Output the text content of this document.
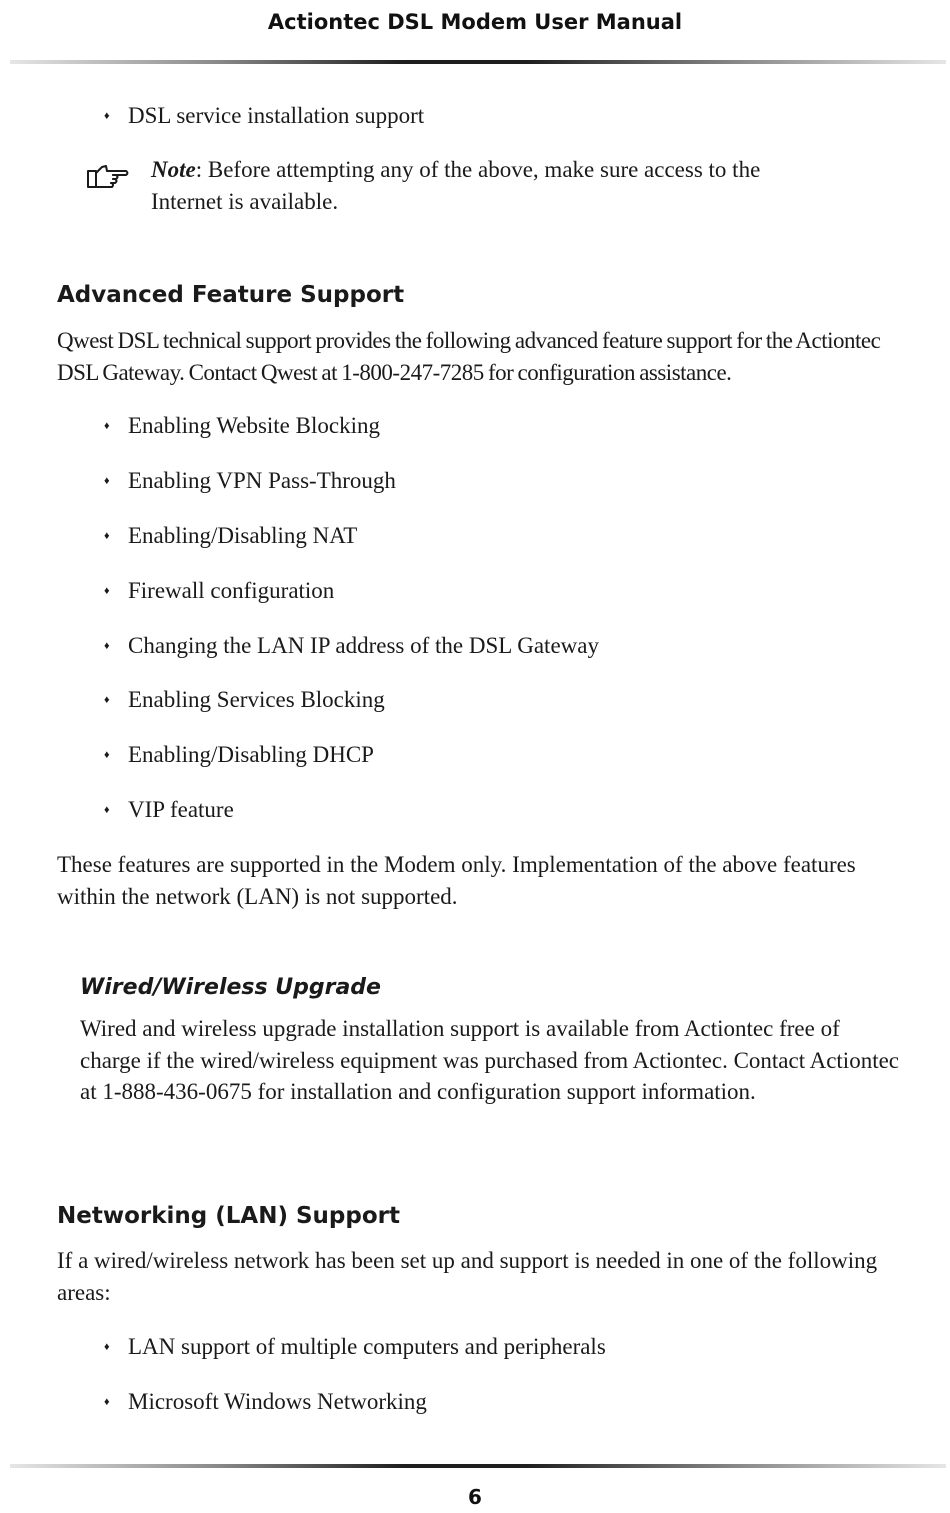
Actiontec DSL Modem User Manual
♦ DSL service installation support
Note: Before attempting any of the above, make sure access to the Internet is available.
Advanced Feature Support
Qwest DSL technical support provides the following advanced feature support for the Actiontec DSL Gateway. Contact Qwest at 1-800-247-7285 for configuration assistance.
♦ Enabling Website Blocking
♦ Enabling VPN Pass-Through
♦ Enabling/Disabling NAT
♦ Firewall configuration
♦ Changing the LAN IP address of the DSL Gateway
♦ Enabling Services Blocking
♦ Enabling/Disabling DHCP
♦ VIP feature
These features are supported in the Modem only. Implementation of the above features within the network (LAN) is not supported.
Wired/Wireless Upgrade
Wired and wireless upgrade installation support is available from Actiontec free of charge if the wired/wireless equipment was purchased from Actiontec. Contact Actiontec at 1-888-436-0675 for installation and configuration support information.
Networking (LAN) Support
If a wired/wireless network has been set up and support is needed in one of the following areas:
♦ LAN support of multiple computers and peripherals
♦ Microsoft Windows Networking
6
